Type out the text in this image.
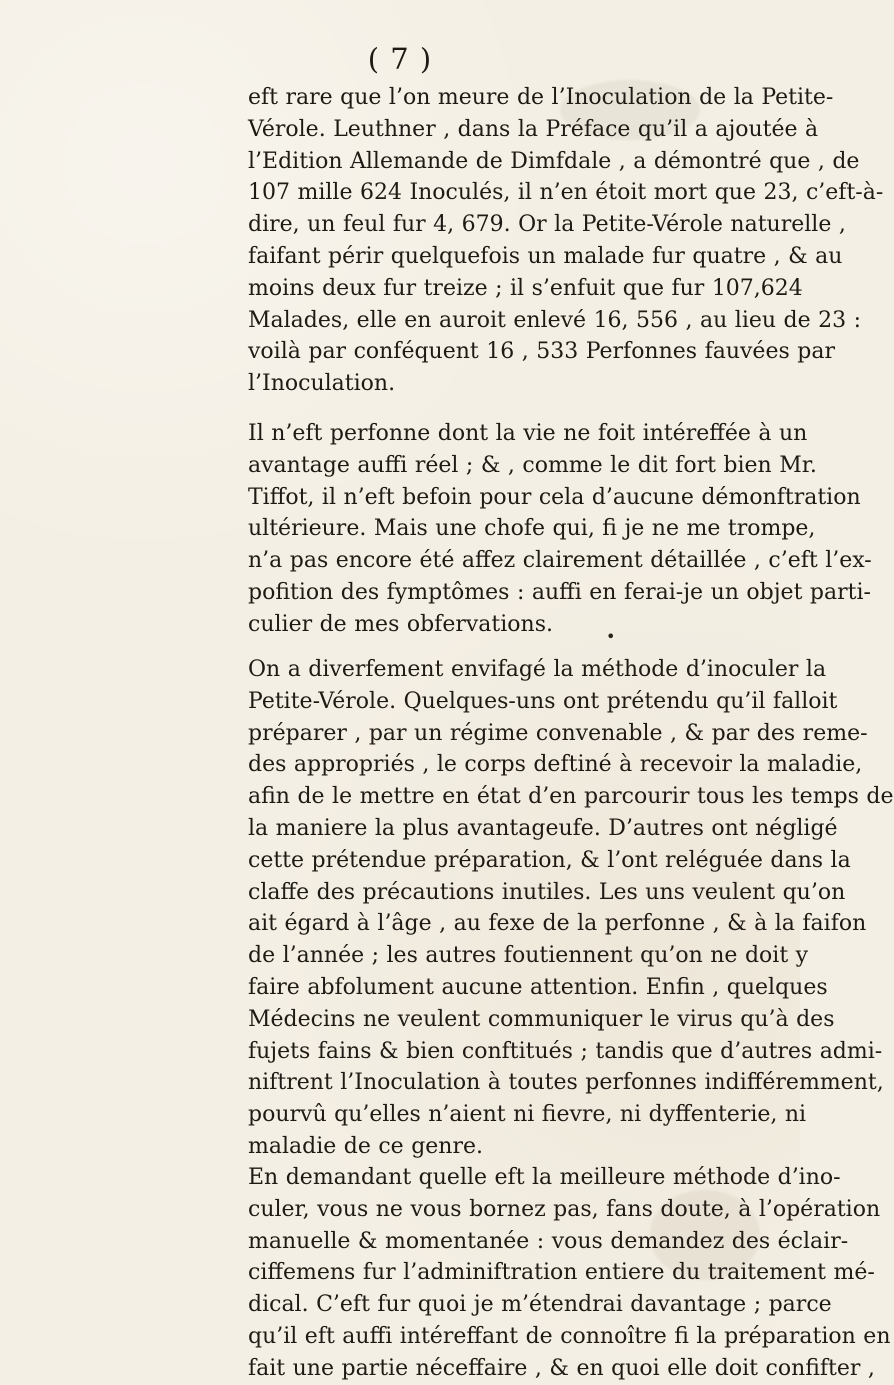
( 7 )
eft rare que l’on meure de l’Inoculation de la Petite-
Vérole. Leuthner , dans la Préface qu’il a ajoutée à
l’Edition Allemande de Dimfdale , a démontré que , de
107 mille 624 Inoculés, il n’en étoit mort que 23, c’eft-à-
dire, un feul fur 4, 679. Or la Petite-Vérole naturelle ,
faifant périr quelquefois un malade fur quatre , & au
moins deux fur treize ; il s’enfuit que fur 107,624
Malades, elle en auroit enlevé 16, 556 , au lieu de 23 :
voilà par conféquent 16 , 533 Perfonnes fauvées par
l’Inoculation.
Il n’eft perfonne dont la vie ne foit intéreffée à un
avantage auffi réel ; & , comme le dit fort bien Mr.
Tiffot, il n’eft befoin pour cela d’aucune démonftration
ultérieure. Mais une chofe qui, fi je ne me trompe,
n’a pas encore été affez clairement détaillée , c’eft l’ex-
pofition des fymptômes : auffi en ferai-je un objet parti-
culier de mes obfervations.	•
On a diverfement envifagé la méthode d’inoculer la
Petite-Vérole. Quelques-uns ont prétendu qu’il falloit
préparer , par un régime convenable , & par des reme-
des appropriés , le corps deftiné à recevoir la maladie,
afin de le mettre en état d’en parcourir tous les temps de
la maniere la plus avantageufe. D’autres ont négligé
cette prétendue préparation, & l’ont reléguée dans la
claffe des précautions inutiles. Les uns veulent qu’on
ait égard à l’âge , au fexe de la perfonne , & à la faifon
de l’année ; les autres foutiennent qu’on ne doit y
faire abfolument aucune attention. Enfin , quelques
Médecins ne veulent communiquer le virus qu’à des
fujets fains & bien conftitués ; tandis que d’autres admi-
niftrent l’Inoculation à toutes perfonnes indifféremment,
pourvû qu’elles n’aient ni fievre, ni dyffenterie, ni
maladie de ce genre.
En demandant quelle eft la meilleure méthode d’ino-
culer, vous ne vous bornez pas, fans doute, à l’opération
manuelle & momentanée : vous demandez des éclair-
ciffemens fur l’adminiftration entiere du traitement mé-
dical. C’eft fur quoi je m’étendrai davantage ; parce
qu’il eft auffi intéreffant de connoître fi la préparation en
fait une partie néceffaire , & en quoi elle doit confifter ,
